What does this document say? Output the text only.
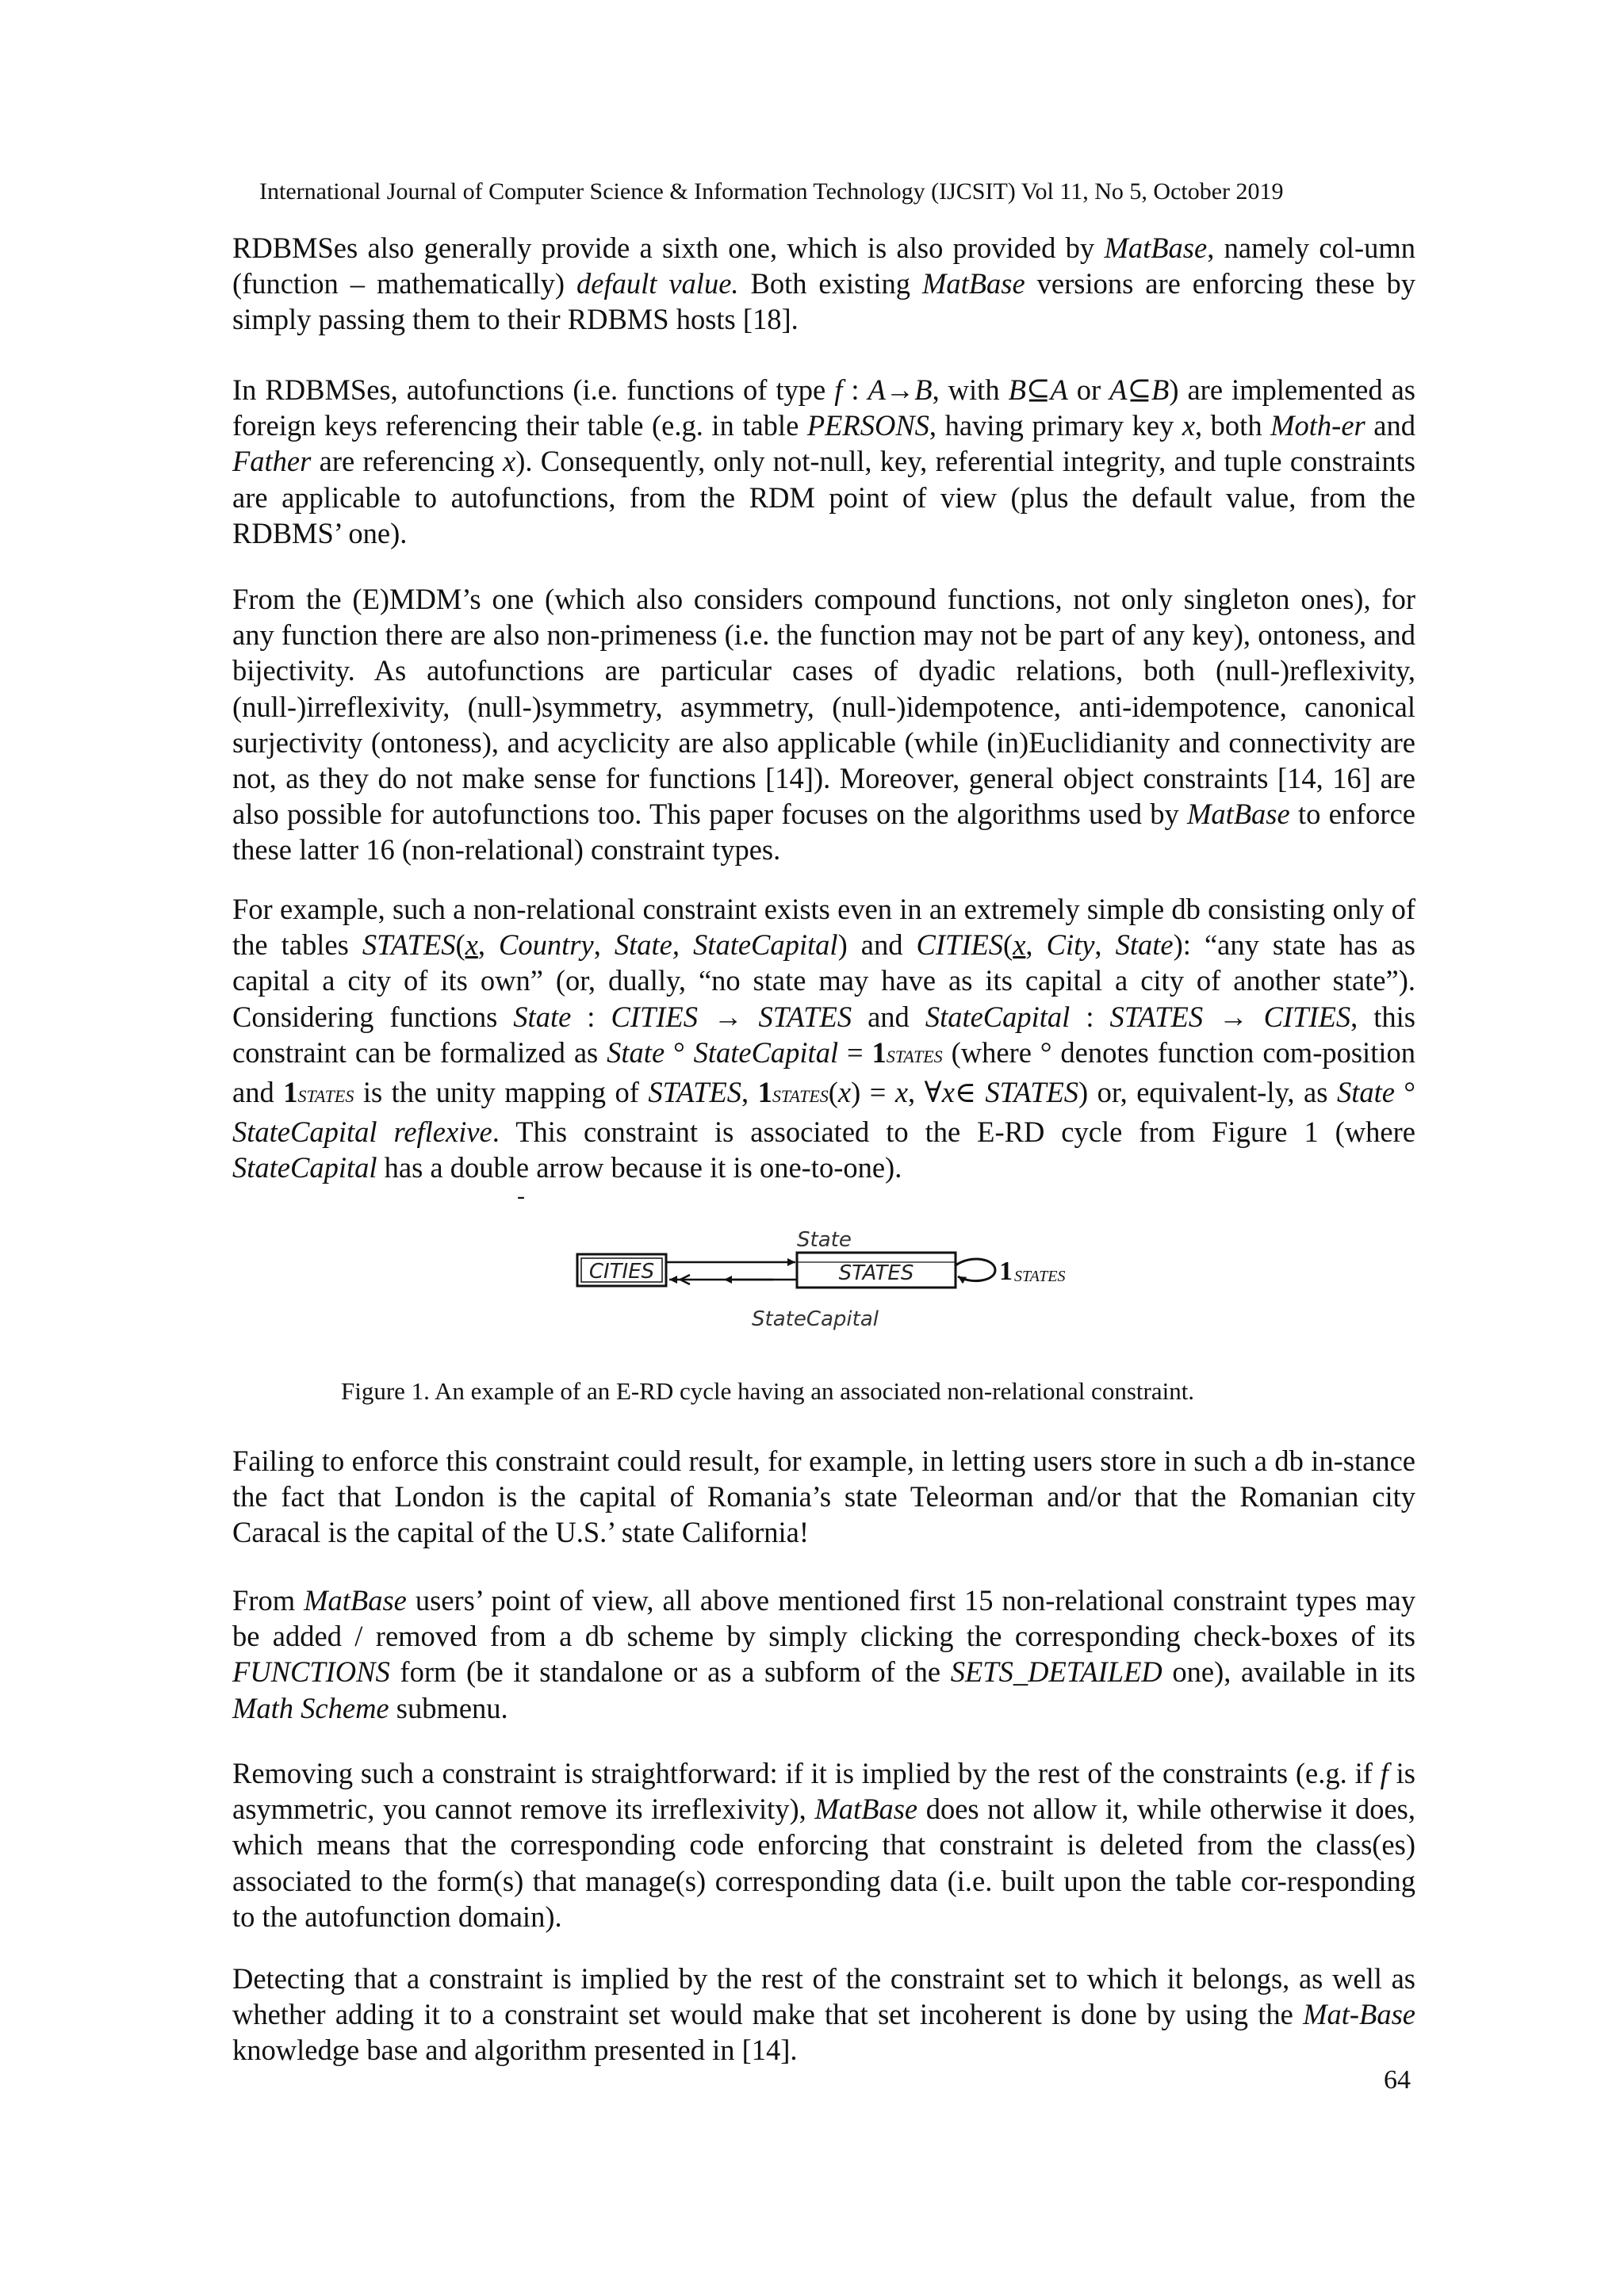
International Journal of Computer Science & Information Technology (IJCSIT) Vol 11, No 5, October 2019

RDBMSes also generally provide a sixth one, which is also provided by MatBase, namely col-umn (function – mathematically) default value. Both existing MatBase versions are enforcing these by simply passing them to their RDBMS hosts [18].

In RDBMSes, autofunctions (i.e. functions of type f : A→B, with B⊆A or A⊆B) are implemented as foreign keys referencing their table (e.g. in table PERSONS, having primary key x, both Moth-er and Father are referencing x). Consequently, only not-null, key, referential integrity, and tuple constraints are applicable to autofunctions, from the RDM point of view (plus the default value, from the RDBMS’ one).

From the (E)MDM’s one (which also considers compound functions, not only singleton ones), for any function there are also non-primeness (i.e. the function may not be part of any key), ontoness, and bijectivity. As autofunctions are particular cases of dyadic relations, both (null-)reflexivity, (null-)irreflexivity, (null-)symmetry, asymmetry, (null-)idempotence, anti-idempotence, canonical surjectivity (ontoness), and acyclicity are also applicable (while (in)Euclidianity and connectivity are not, as they do not make sense for functions [14]). Moreover, general object constraints [14, 16] are also possible for autofunctions too. This paper focuses on the algorithms used by MatBase to enforce these latter 16 (non-relational) constraint types.

For example, such a non-relational constraint exists even in an extremely simple db consisting only of the tables STATES(x, Country, State, StateCapital) and CITIES(x, City, State): “any state has as capital a city of its own” (or, dually, “no state may have as its capital a city of another state”). Considering functions State : CITIES → STATES and StateCapital : STATES → CITIES, this constraint can be formalized as State ° StateCapital = 1STATES (where ° denotes function com-position and 1STATES is the unity mapping of STATES, 1STATES(x) = x, ∀x∈ STATES) or, equivalent-ly, as State ° StateCapital reflexive. This constraint is associated to the E-RD cycle from Figure 1 (where StateCapital has a double arrow because it is one-to-one).

-
CITIES	STATES
State
StateCapital
1 STATES
Figure 1. An example of an E-RD cycle having an associated non-relational constraint.

Failing to enforce this constraint could result, for example, in letting users store in such a db in-stance the fact that London is the capital of Romania’s state Teleorman and/or that the Romanian city Caracal is the capital of the U.S.’ state California!

From MatBase users’ point of view, all above mentioned first 15 non-relational constraint types may be added / removed from a db scheme by simply clicking the corresponding check-boxes of its FUNCTIONS form (be it standalone or as a subform of the SETS_DETAILED one), available in its Math Scheme submenu.

Removing such a constraint is straightforward: if it is implied by the rest of the constraints (e.g. if f is asymmetric, you cannot remove its irreflexivity), MatBase does not allow it, while otherwise it does, which means that the corresponding code enforcing that constraint is deleted from the class(es) associated to the form(s) that manage(s) corresponding data (i.e. built upon the table cor-responding to the autofunction domain).

Detecting that a constraint is implied by the rest of the constraint set to which it belongs, as well as whether adding it to a constraint set would make that set incoherent is done by using the Mat-Base knowledge base and algorithm presented in [14].

64
